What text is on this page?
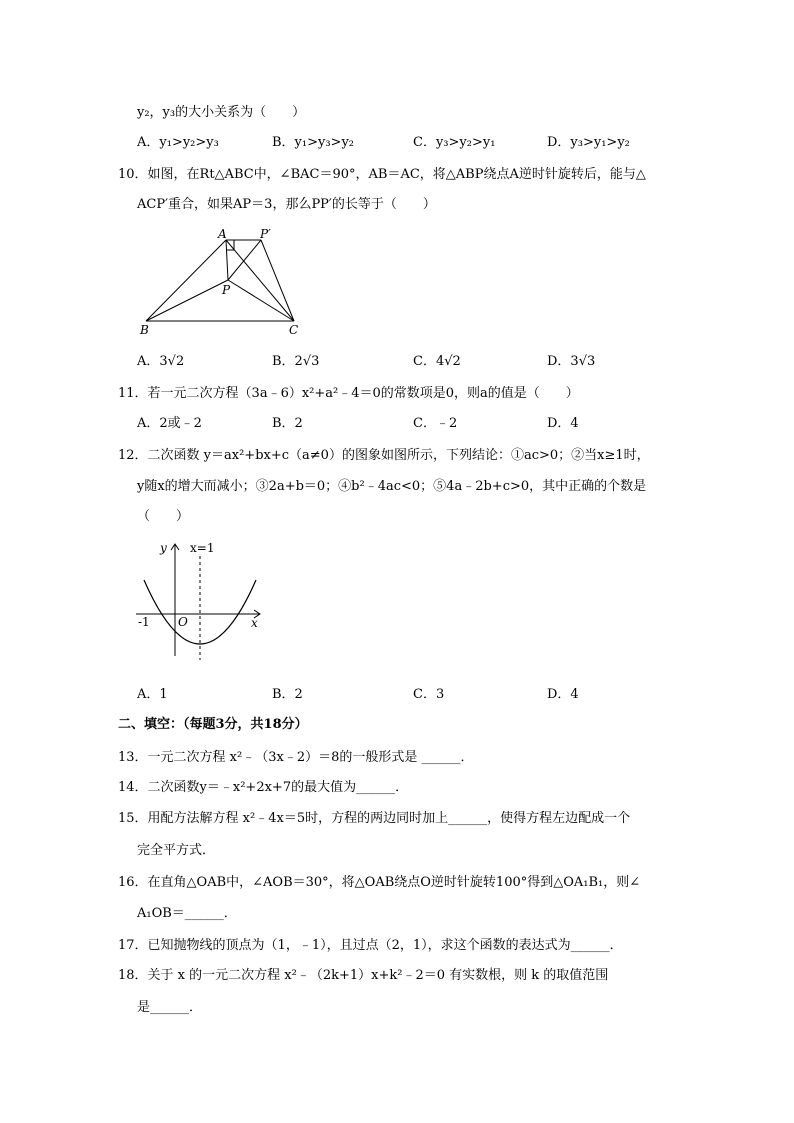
y₂，y₃的大小关系为（　　）
A．y₁>y₂>y₃	B．y₁>y₃>y₂	C．y₃>y₂>y₁	D．y₃>y₁>y₂
10．如图，在Rt△ABC中，∠BAC＝90°，AB＝AC，将△ABP绕点A逆时针旋转后，能与△
ACP′重合，如果AP＝3，那么PP′的长等于（　　）
A	P′
P
B	C
A．3√2	B．2√3	C．4√2	D．3√3
11．若一元二次方程（3a﹣6）x²+a²﹣4＝0的常数项是0，则a的值是（　　）
A．2或﹣2	B．2	C．﹣2	D．4
12．二次函数 y＝ax²+bx+c（a≠0）的图象如图所示，下列结论：①ac>0；②当x≥1时，
y随x的增大而减小；③2a+b＝0；④b²﹣4ac<0；⑤4a﹣2b+c>0，其中正确的个数是
（　　）
y x=1
-1 O	x
A．1	B．2	C．3	D．4
二、填空：（每题3分，共18分）
13．一元二次方程 x²﹣（3x﹣2）＝8的一般形式是 ______．
14．二次函数y＝﹣x²+2x+7的最大值为______．
15．用配方法解方程 x²﹣4x＝5时，方程的两边同时加上______，使得方程左边配成一个
完全平方式．
16．在直角△OAB中，∠AOB＝30°，将△OAB绕点O逆时针旋转100°得到△OA₁B₁，则∠
A₁OB＝______．
17．已知抛物线的顶点为（1，﹣1），且过点（2，1），求这个函数的表达式为______．
18．关于 x 的一元二次方程 x²﹣（2k+1）x+k²﹣2＝0 有实数根，则 k 的取值范围
是______．
